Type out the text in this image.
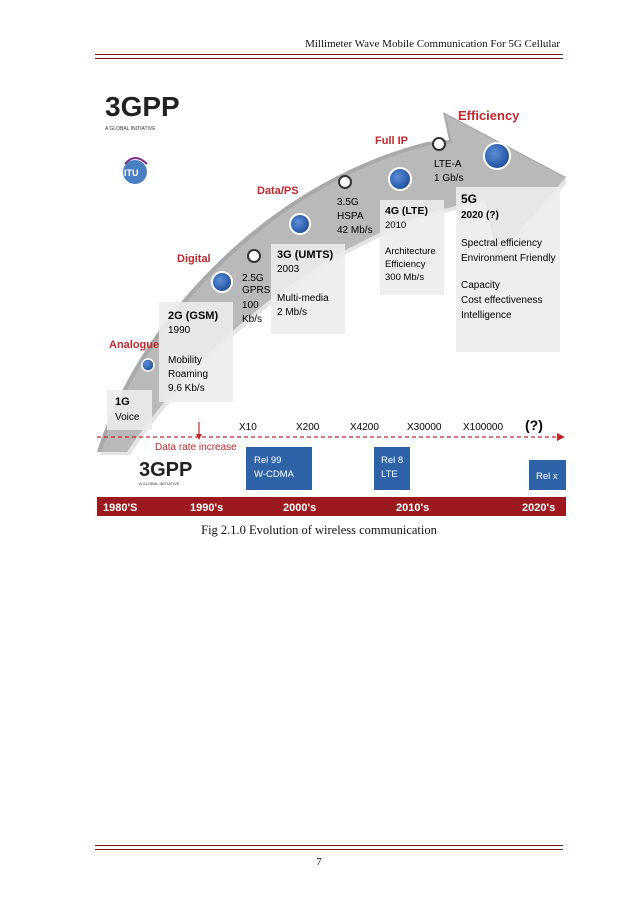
Millimeter Wave Mobile Communication For 5G Cellular
3GPP
A GLOBAL INITIATIVE
ITU
Analogue
Digital
Data/PS
Full IP
Efficiency
1G
Voice
2G (GSM)
1990
Mobility
Roaming
9.6 Kb/s
2.5G
GPRS
100
Kb/s
3G (UMTS)
2003
Multi-media
2 Mb/s
3.5G
HSPA
42 Mb/s
4G (LTE)
2010
Architecture
Efficiency
300 Mb/s
LTE-A
1 Gb/s
5G
2020 (?)
Spectral efficiency
Environment Friendly
Capacity
Cost effectiveness
Intelligence
X10	X200	X4200	X30000 X100000 (?)
Data rate increase
3GPP
A GLOBAL INITIATIVE
Rel 99
W-CDMA
Rel 8
LTE	Rel x
1980'S	1990's	2000's	2010's	2020's
Fig 2.1.0 Evolution of wireless communication
7
